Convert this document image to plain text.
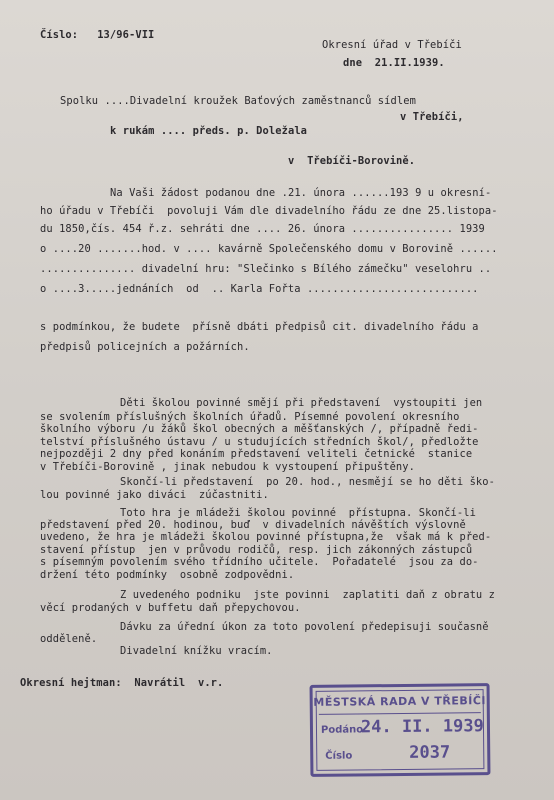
Číslo:   13/96-VII
Okresní úřad v Třebíči
dne  21.II.1939.
Spolku ....Divadelní kroužek Baťových zaměstnanců sídlem
v Třebíči,
k rukám .... předs. p. Doležala
v  Třebíči-Borovině.
Na Vaši žádost podanou dne .21. února ......193 9 u okresní-
ho úřadu v Třebíči  povoluji Vám dle divadelního řádu ze dne 25.listopa-
du 1850,čís. 454 ř.z. sehráti dne .... 26. února ................ 1939
o ....20 .......hod. v .... kavárně Společenského domu v Borovině ......
............... divadelní hru: "Slečinko s Bílého zámečku" veselohru ..
o ....3.....jednáních  od  .. Karla Fořta ...........................
s podmínkou, že budete  přísně dbáti předpisů cit. divadelního řádu a
předpisů policejních a požárních.
Děti školou povinné smějí při představení  vystoupiti jen
se svolením příslušných školních úřadů. Písemné povolení okresního
školního výboru /u žáků škol obecných a měšťanských /, případně ředi-
telství příslušného ústavu / u studujících středních škol/, předložte
nejpozději 2 dny před konáním představení veliteli četnické  stanice
v Třebíči-Borovině , jinak nebudou k vystoupení připuštěny.
Skončí-li představení  po 20. hod., nesmějí se ho děti ško-
lou povinné jako diváci  zúčastniti.
Toto hra je mládeži školou povinné  přístupna. Skončí-li
představení před 20. hodinou, buď  v divadelních návěštích výslovně
uvedeno, že hra je mládeži školou povinné přístupna,že  však má k před-
stavení přístup  jen v průvodu rodičů, resp. jich zákonných zástupců
s písemným povolením svého třídního učitele.  Pořadatelé  jsou za do-
držení této podmínky  osobně zodpovědni.
Z uvedeného podniku  jste povinni  zaplatiti daň z obratu z
věcí prodaných v buffetu daň přepychovou.
Dávku za úřední úkon za toto povolení předepisuji současně
odděleně.
Divadelní knížku vracím.
Okresní hejtman:  Navrátil  v.r.
MĚSTSKÁ RADA V TŘEBÍČI
Podáno
24. II. 1939
Číslo	2037
